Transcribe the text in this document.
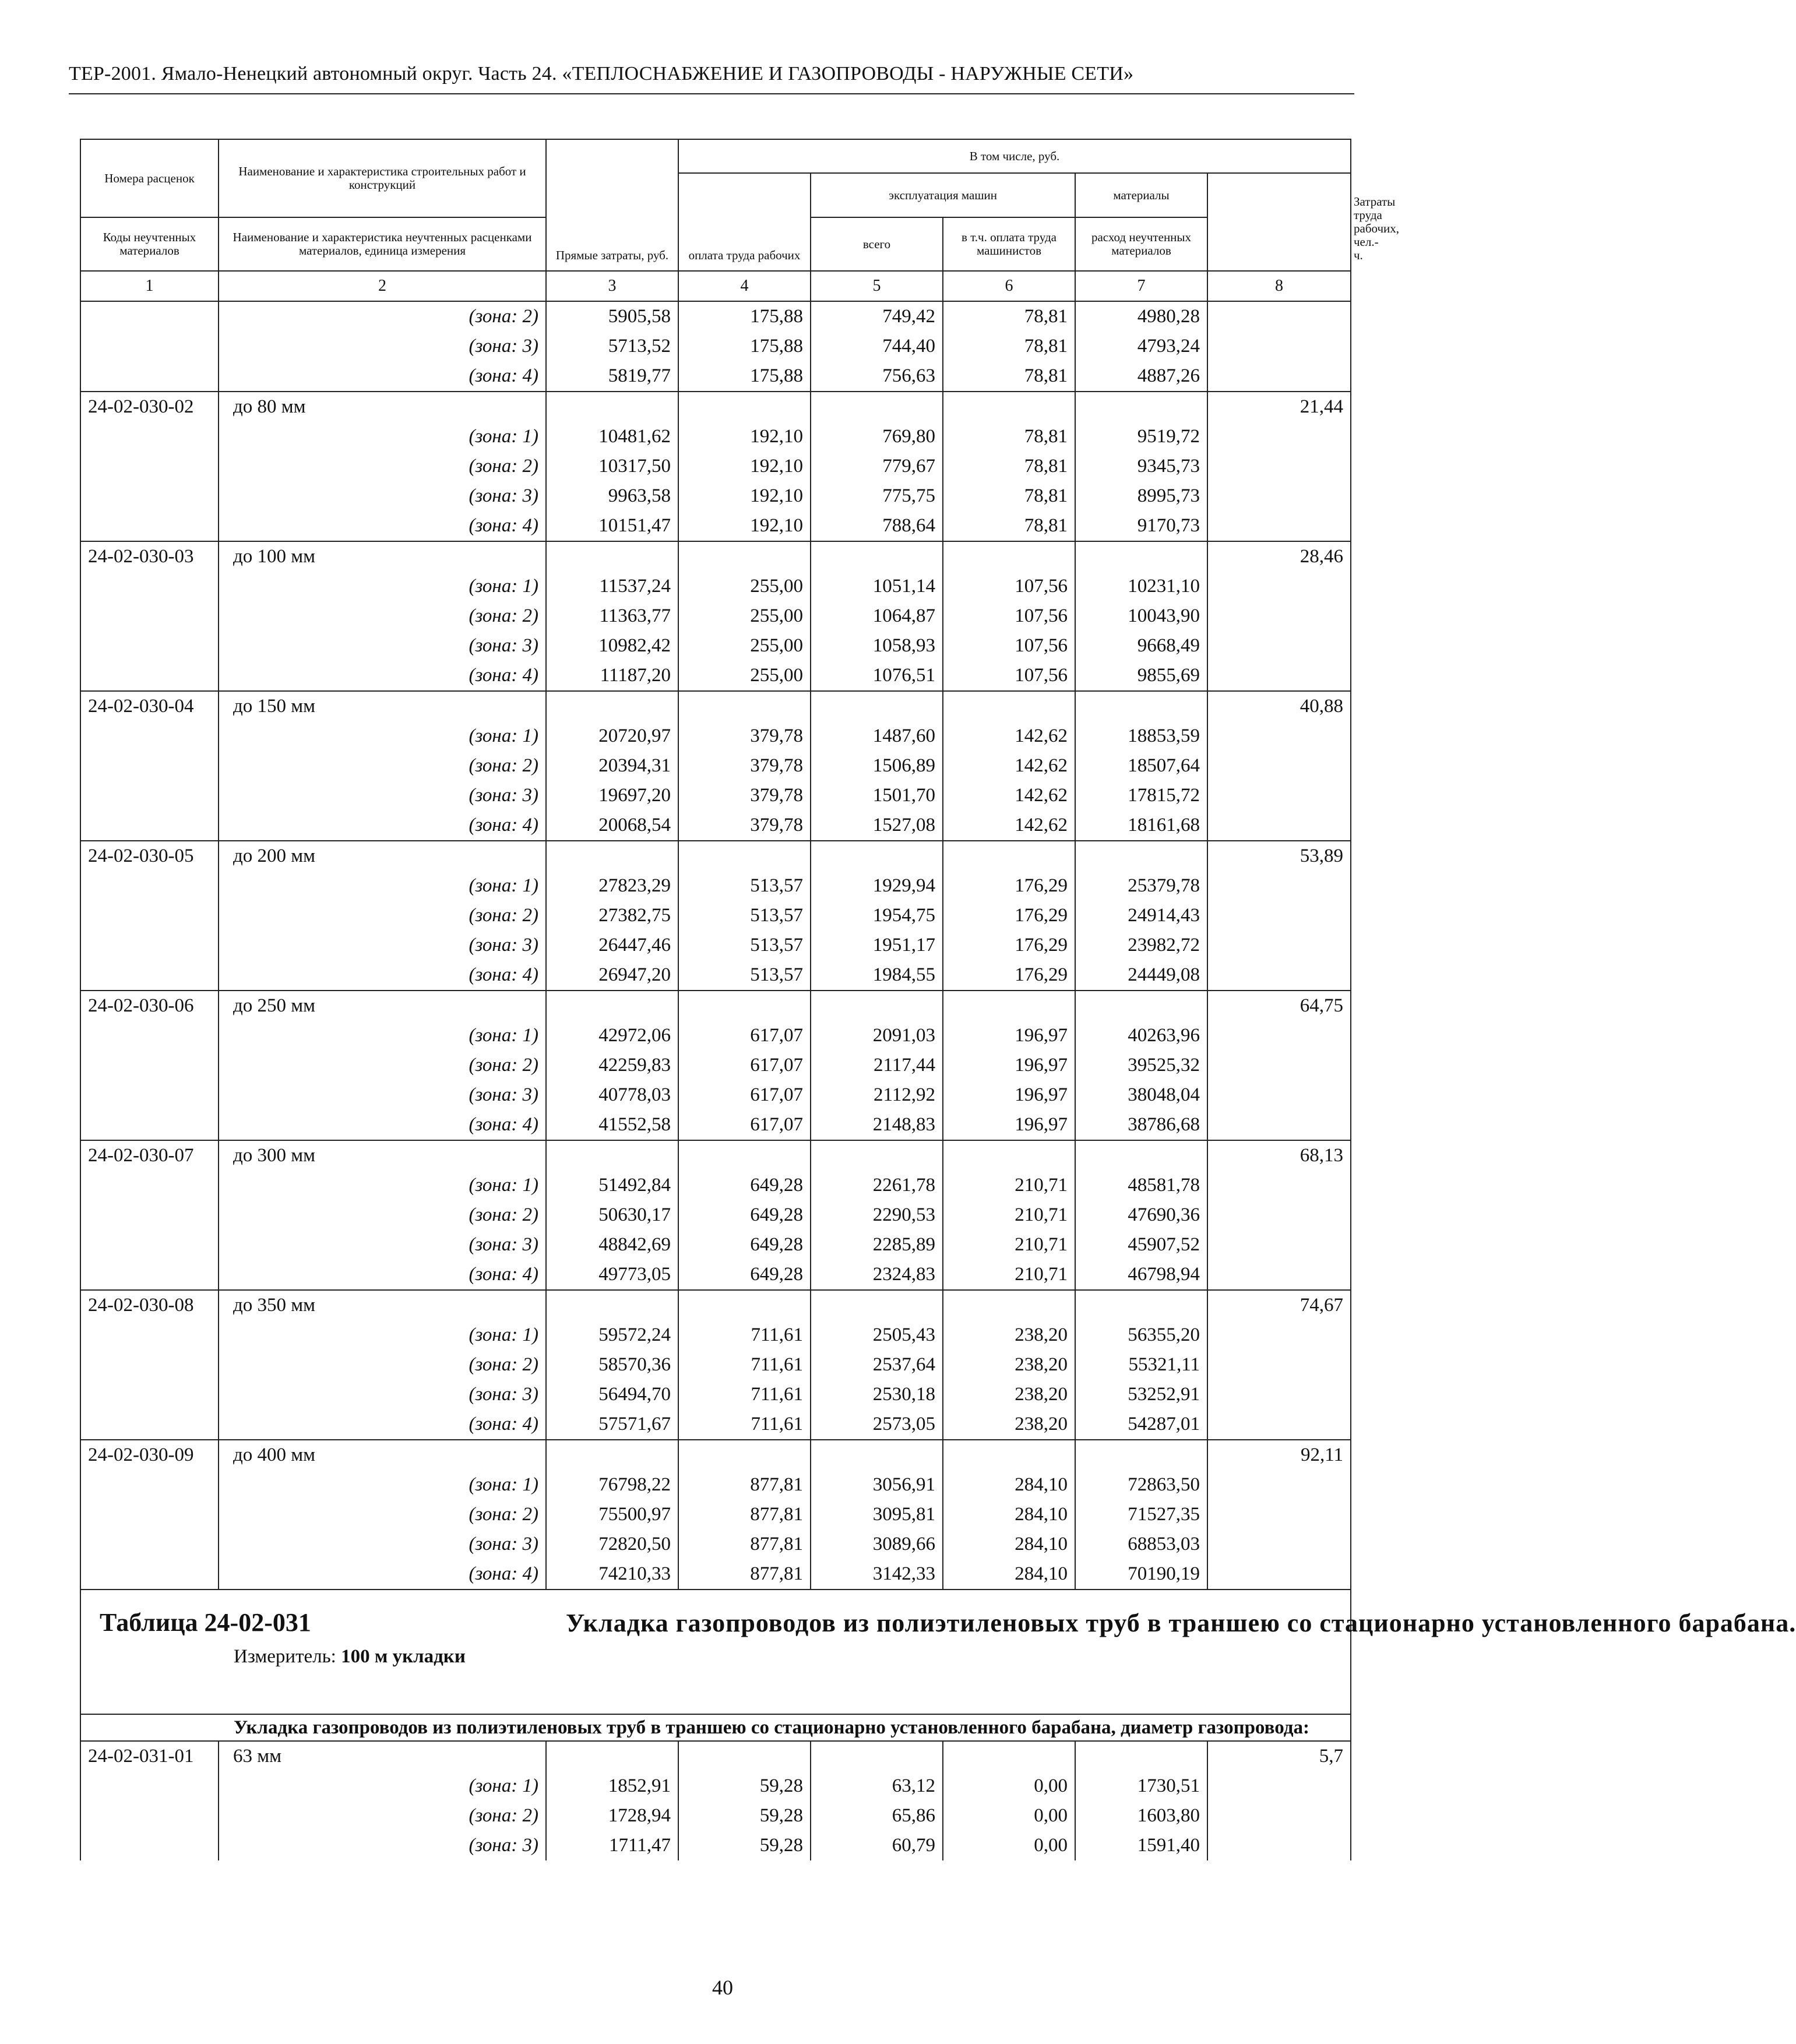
ТЕР-2001. Ямало-Ненецкий автономный округ. Часть 24. «ТЕПЛОСНАБЖЕНИЕ И ГАЗОПРОВОДЫ - НАРУЖНЫЕ СЕТИ»
Номера расценок	Наименование и характеристика строительных работ и конструкций	Прямые затраты, руб.	В том числе, руб.					Затраты труда рабочих, чел.-ч.
			оплата труда рабочих	эксплуатация машин		материалы		
Коды неучтенных материалов	Наименование и характеристика неучтенных расценками материалов, единица измерения			всего	в т.ч. оплата труда машинистов	расход неучтенных материалов		
1	2	3	4	5	6	7	8	
	(зона: 2)	5905,58	175,88	749,42	78,81	4980,28		
	(зона: 3)	5713,52	175,88	744,40	78,81	4793,24		
	(зона: 4)	5819,77	175,88	756,63	78,81	4887,26		
24-02-030-02	до 80 мм						21,44	
	(зона: 1)	10481,62	192,10	769,80	78,81	9519,72		
	(зона: 2)	10317,50	192,10	779,67	78,81	9345,73		
	(зона: 3)	9963,58	192,10	775,75	78,81	8995,73		
	(зона: 4)	10151,47	192,10	788,64	78,81	9170,73		
24-02-030-03	до 100 мм						28,46	
	(зона: 1)	11537,24	255,00	1051,14	107,56	10231,10		
	(зона: 2)	11363,77	255,00	1064,87	107,56	10043,90		
	(зона: 3)	10982,42	255,00	1058,93	107,56	9668,49		
	(зона: 4)	11187,20	255,00	1076,51	107,56	9855,69		
24-02-030-04	до 150 мм						40,88	
	(зона: 1)	20720,97	379,78	1487,60	142,62	18853,59		
	(зона: 2)	20394,31	379,78	1506,89	142,62	18507,64		
	(зона: 3)	19697,20	379,78	1501,70	142,62	17815,72		
	(зона: 4)	20068,54	379,78	1527,08	142,62	18161,68		
24-02-030-05	до 200 мм						53,89	
	(зона: 1)	27823,29	513,57	1929,94	176,29	25379,78		
	(зона: 2)	27382,75	513,57	1954,75	176,29	24914,43		
	(зона: 3)	26447,46	513,57	1951,17	176,29	23982,72		
	(зона: 4)	26947,20	513,57	1984,55	176,29	24449,08		
24-02-030-06	до 250 мм						64,75	
	(зона: 1)	42972,06	617,07	2091,03	196,97	40263,96		
	(зона: 2)	42259,83	617,07	2117,44	196,97	39525,32		
	(зона: 3)	40778,03	617,07	2112,92	196,97	38048,04		
	(зона: 4)	41552,58	617,07	2148,83	196,97	38786,68		
24-02-030-07	до 300 мм						68,13	
	(зона: 1)	51492,84	649,28	2261,78	210,71	48581,78		
	(зона: 2)	50630,17	649,28	2290,53	210,71	47690,36		
	(зона: 3)	48842,69	649,28	2285,89	210,71	45907,52		
	(зона: 4)	49773,05	649,28	2324,83	210,71	46798,94		
24-02-030-08	до 350 мм						74,67	
	(зона: 1)	59572,24	711,61	2505,43	238,20	56355,20		
	(зона: 2)	58570,36	711,61	2537,64	238,20	55321,11		
	(зона: 3)	56494,70	711,61	2530,18	238,20	53252,91		
	(зона: 4)	57571,67	711,61	2573,05	238,20	54287,01		
24-02-030-09	до 400 мм						92,11	
	(зона: 1)	76798,22	877,81	3056,91	284,10	72863,50		
	(зона: 2)	75500,97	877,81	3095,81	284,10	71527,35		
	(зона: 3)	72820,50	877,81	3089,66	284,10	68853,03		
	(зона: 4)	74210,33	877,81	3142,33	284,10	70190,19		
Таблица 24-02-031 Укладка газопроводов из полиэтиленовых труб в траншею со стационарно установленного барабана.
Измеритель: 100 м укладки								

Укладка газопроводов из полиэтиленовых труб в траншею со стационарно установленного барабана, диаметр газопровода:								

24-02-031-01	63 мм						5,7	
	(зона: 1)	1852,91	59,28	63,12	0,00	1730,51		
	(зона: 2)	1728,94	59,28	65,86	0,00	1603,80		
	(зона: 3)	1711,47	59,28	60,79	0,00	1591,40		
40
